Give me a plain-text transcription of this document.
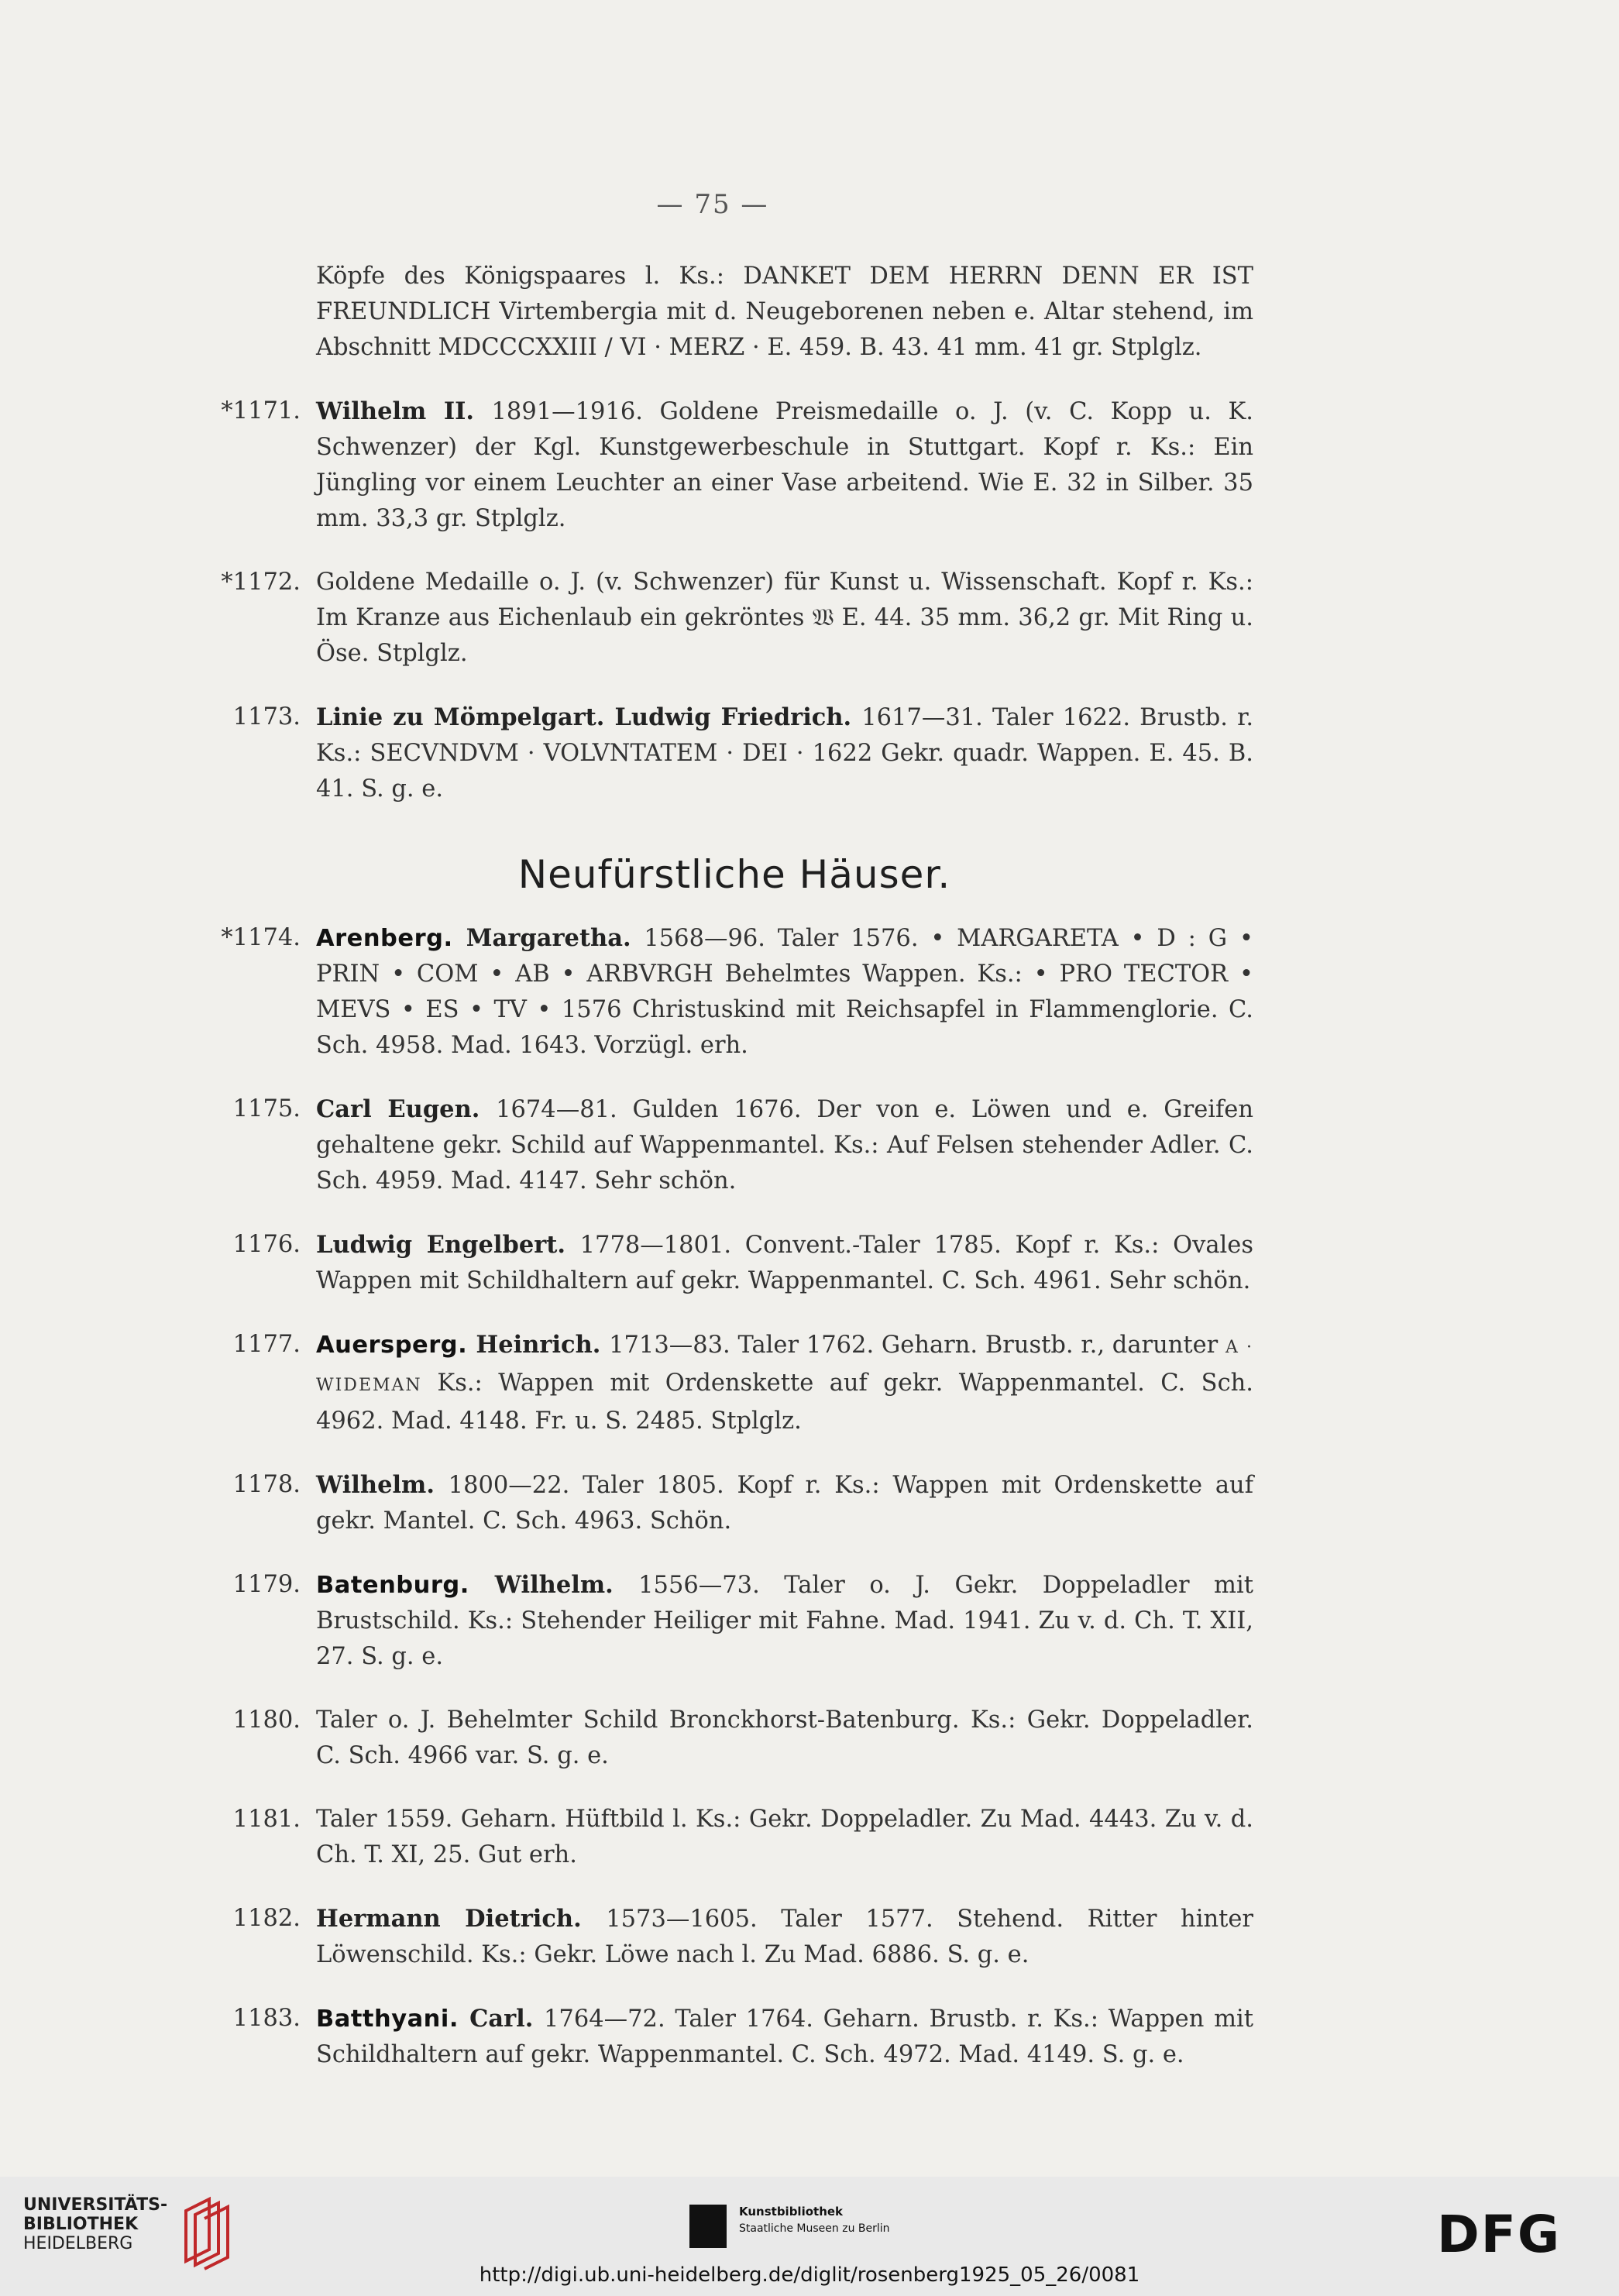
— 75 —
Köpfe des Königspaares l. Ks.: DANKET DEM HERRN DENN ER IST FREUNDLICH Virtembergia mit d. Neugeborenen neben e. Altar stehend, im Abschnitt MDCCCXXIII / VI · MERZ · E. 459. B. 43. 41 mm. 41 gr. Stplglz.
*1171. Wilhelm II. 1891—1916. Goldene Preismedaille o. J. (v. C. Kopp u. K. Schwenzer) der Kgl. Kunstgewerbeschule in Stuttgart. Kopf r. Ks.: Ein Jüngling vor einem Leuchter an einer Vase arbeitend. Wie E. 32 in Silber. 35 mm. 33,3 gr. Stplglz.
*1172. Goldene Medaille o. J. (v. Schwenzer) für Kunst u. Wissenschaft. Kopf r. Ks.: Im Kranze aus Eichenlaub ein gekröntes 𝔚 E. 44. 35 mm. 36,2 gr. Mit Ring u. Öse. Stplglz.
1173. Linie zu Mömpelgart. Ludwig Friedrich. 1617—31. Taler 1622. Brustb. r. Ks.: SECVNDVM · VOLVNTATEM · DEI · 1622 Gekr. quadr. Wappen. E. 45. B. 41. S. g. e.
Neufürstliche Häuser.
*1174. Arenberg. Margaretha. 1568—96. Taler 1576. • MARGARETA • D : G • PRIN • COM • AB • ARBVRGH Behelmtes Wappen. Ks.: • PRO TECTOR • MEVS • ES • TV • 1576 Christuskind mit Reichsapfel in Flammenglorie. C. Sch. 4958. Mad. 1643. Vorzügl. erh.
1175. Carl Eugen. 1674—81. Gulden 1676. Der von e. Löwen und e. Greifen gehaltene gekr. Schild auf Wappenmantel. Ks.: Auf Felsen stehender Adler. C. Sch. 4959. Mad. 4147. Sehr schön.
1176. Ludwig Engelbert. 1778—1801. Convent.-Taler 1785. Kopf r. Ks.: Ovales Wappen mit Schildhaltern auf gekr. Wappenmantel. C. Sch. 4961. Sehr schön.
1177. Auersperg. Heinrich. 1713—83. Taler 1762. Geharn. Brustb. r., darunter A · WIDEMAN Ks.: Wappen mit Ordenskette auf gekr. Wappenmantel. C. Sch. 4962. Mad. 4148. Fr. u. S. 2485. Stplglz.
1178. Wilhelm. 1800—22. Taler 1805. Kopf r. Ks.: Wappen mit Ordenskette auf gekr. Mantel. C. Sch. 4963. Schön.
1179. Batenburg. Wilhelm. 1556—73. Taler o. J. Gekr. Doppeladler mit Brustschild. Ks.: Stehender Heiliger mit Fahne. Mad. 1941. Zu v. d. Ch. T. XII, 27. S. g. e.
1180. Taler o. J. Behelmter Schild Bronckhorst-Batenburg. Ks.: Gekr. Doppeladler. C. Sch. 4966 var. S. g. e.
1181. Taler 1559. Geharn. Hüftbild l. Ks.: Gekr. Doppeladler. Zu Mad. 4443. Zu v. d. Ch. T. XI, 25. Gut erh.
1182. Hermann Dietrich. 1573—1605. Taler 1577. Stehend. Ritter hinter Löwenschild. Ks.: Gekr. Löwe nach l. Zu Mad. 6886. S. g. e.
1183. Batthyani. Carl. 1764—72. Taler 1764. Geharn. Brustb. r. Ks.: Wappen mit Schildhaltern auf gekr. Wappenmantel. C. Sch. 4972. Mad. 4149. S. g. e.
UNIVERSITÄTS-
BIBLIOTHEK
HEIDELBERG
Kunstbibliothek
Staatliche Museen zu Berlin	DFG
http://digi.ub.uni-heidelberg.de/diglit/rosenberg1925_05_26/0081
